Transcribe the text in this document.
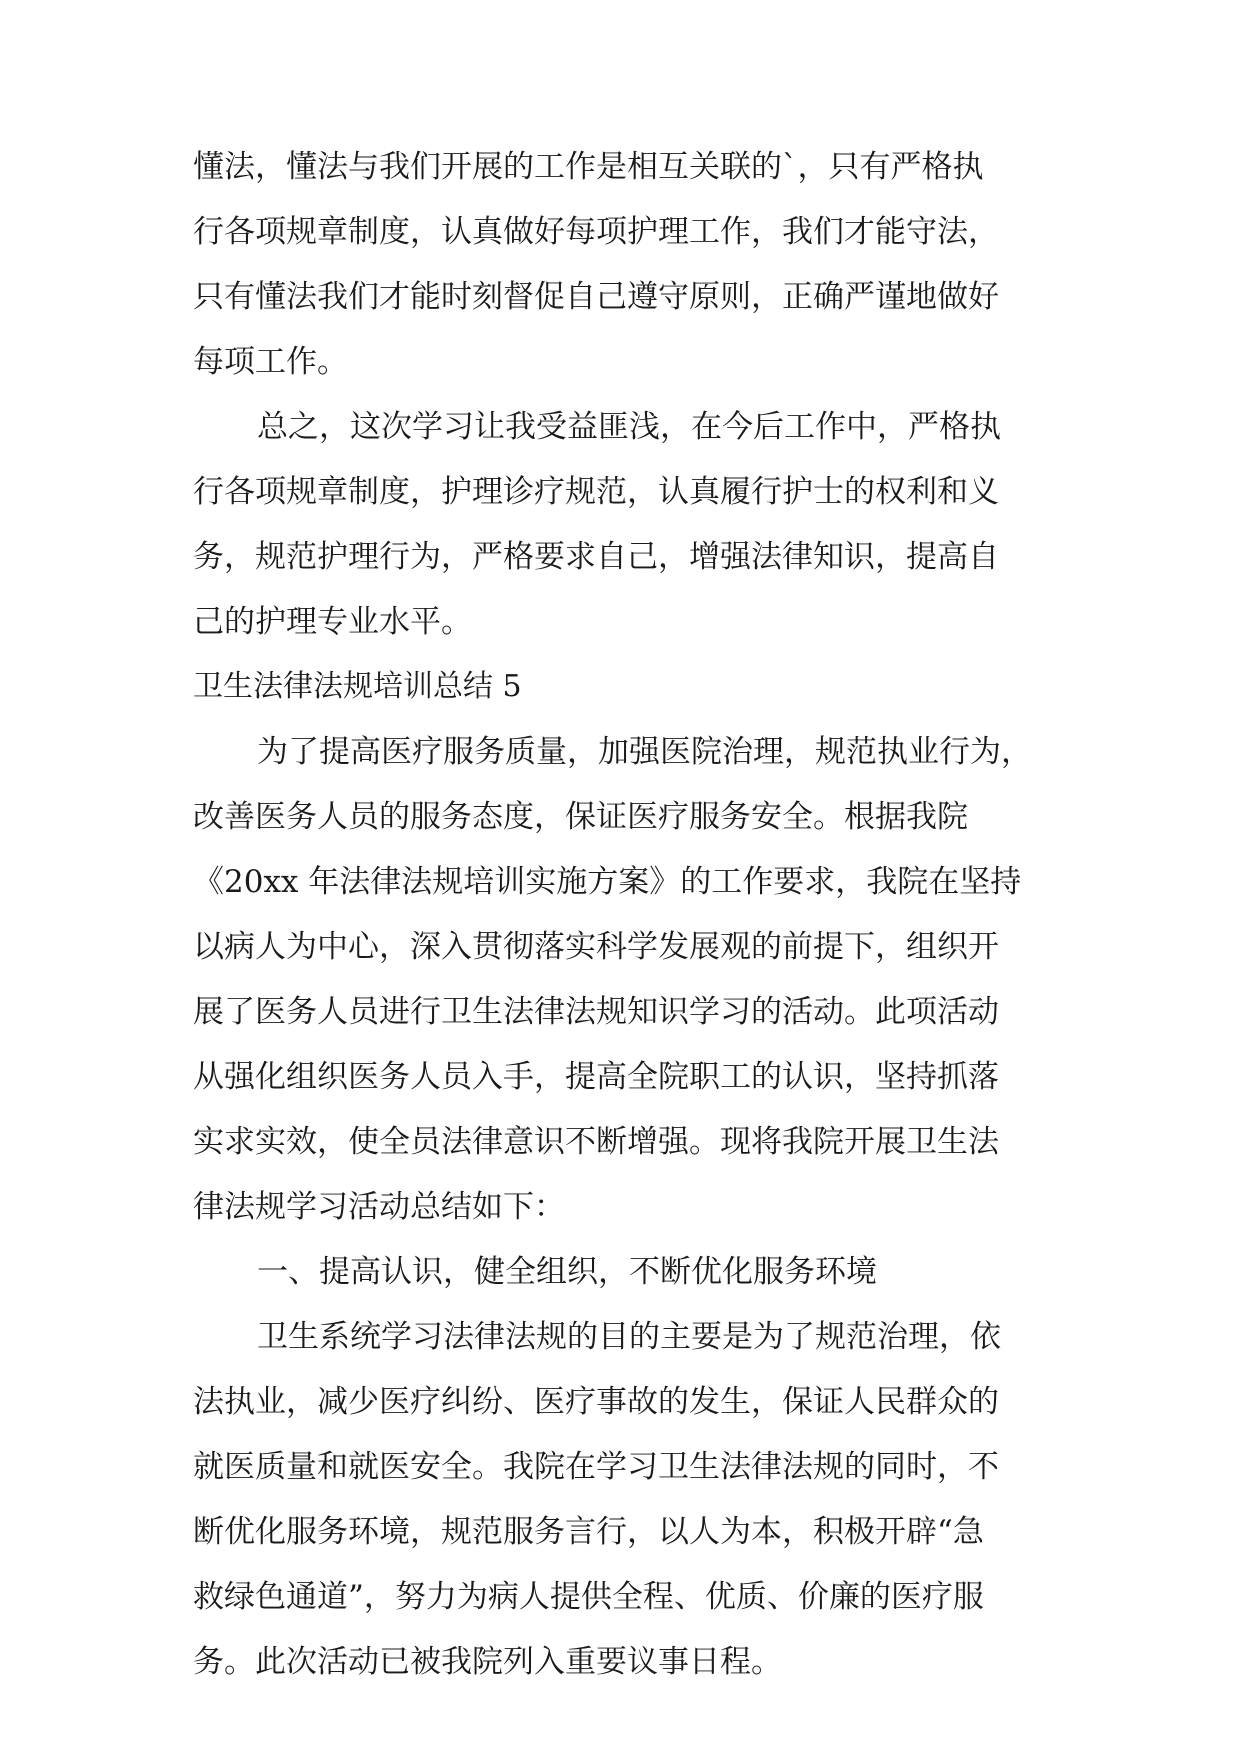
懂法，懂法与我们开展的工作是相互关联的`，只有严格执

行各项规章制度，认真做好每项护理工作，我们才能守法，

只有懂法我们才能时刻督促自己遵守原则，正确严谨地做好

每项工作。

总之，这次学习让我受益匪浅，在今后工作中，严格执

行各项规章制度，护理诊疗规范，认真履行护士的权利和义

务，规范护理行为，严格要求自己，增强法律知识，提高自

己的护理专业水平。

卫生法律法规培训总结 5

为了提高医疗服务质量，加强医院治理，规范执业行为，

改善医务人员的服务态度，保证医疗服务安全。根据我院

《20xx 年法律法规培训实施方案》的工作要求，我院在坚持

以病人为中心，深入贯彻落实科学发展观的前提下，组织开

展了医务人员进行卫生法律法规知识学习的活动。此项活动

从强化组织医务人员入手，提高全院职工的认识，坚持抓落

实求实效，使全员法律意识不断增强。现将我院开展卫生法

律法规学习活动总结如下：

一、提高认识，健全组织，不断优化服务环境

卫生系统学习法律法规的目的主要是为了规范治理，依

法执业，减少医疗纠纷、医疗事故的发生，保证人民群众的

就医质量和就医安全。我院在学习卫生法律法规的同时，不

断优化服务环境，规范服务言行，以人为本，积极开辟“急

救绿色通道”，努力为病人提供全程、优质、价廉的医疗服

务。此次活动已被我院列入重要议事日程。
